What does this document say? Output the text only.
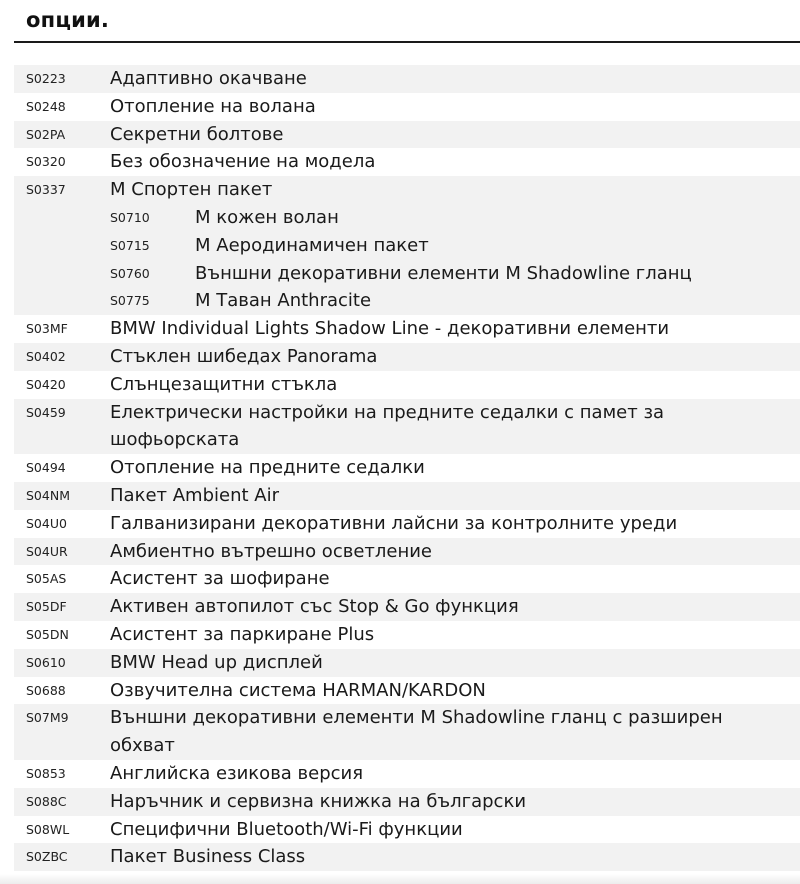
опции.
S0223	Адаптивно окачване
S0248	Отопление на волана
S02PA	Секретни болтове
S0320	Без обозначение на модела
S0337	M Спортен пакет
S0710	M кожен волан
S0715	M Аеродинамичен пакет
S0760	Външни декоративни елементи M Shadowline гланц
S0775	M Таван Anthracite
S03MF	BMW Individual Lights Shadow Line - декоративни елементи
S0402	Стъклен шибедах Panorama
S0420	Слънцезащитни стъкла
S0459	Електрически настройки на предните седалки с памет за шофьорската
S0494	Отопление на предните седалки
S04NM	Пакет Ambient Air
S04U0	Галванизирани декоративни лайсни за контролните уреди
S04UR	Амбиентно вътрешно осветление
S05AS	Асистент за шофиране
S05DF	Активен автопилот със Stop & Go функция
S05DN	Асистент за паркиране Plus
S0610	BMW Head up дисплей
S0688	Озвучителна система HARMAN/KARDON
S07M9	Външни декоративни елементи M Shadowline гланц с разширен обхват
S0853	Английска езикова версия
S088C	Наръчник и сервизна книжка на български
S08WL	Специфични Bluetooth/Wi-Fi функции
S0ZBC	Пакет Business Class
